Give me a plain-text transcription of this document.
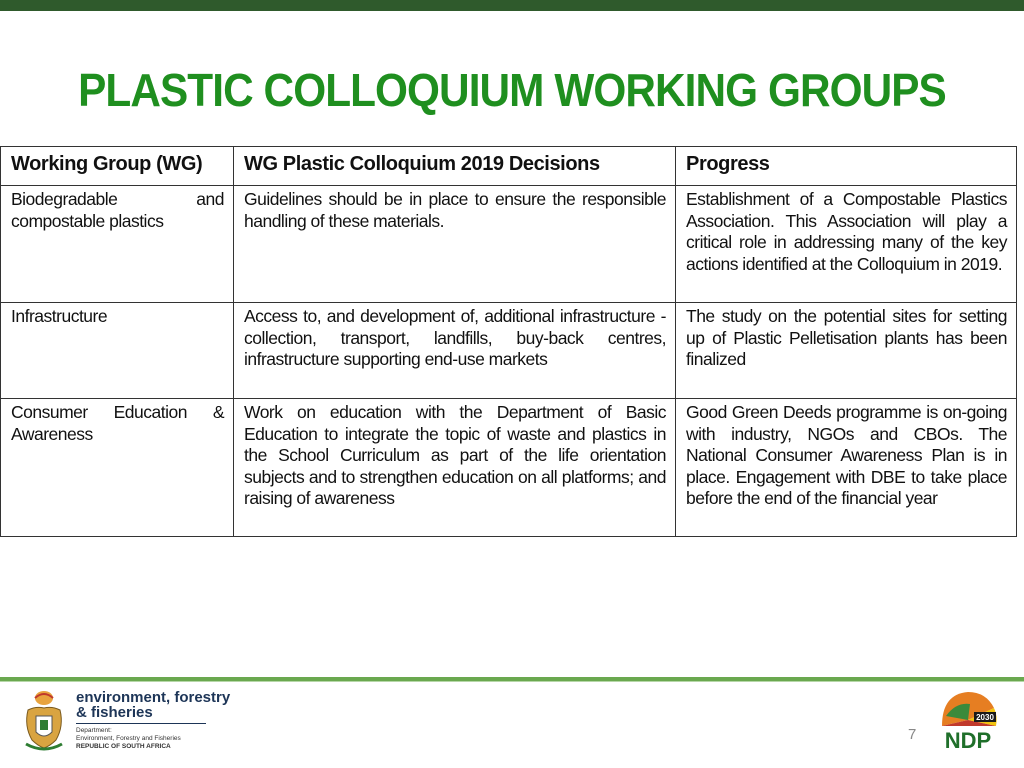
PLASTIC COLLOQUIUM WORKING GROUPS
Working Group (WG)	WG Plastic Colloquium 2019 Decisions	Progress
Biodegradable and compostable plastics	Guidelines should be in place to ensure the responsible handling of these materials.	Establishment of a Compostable Plastics Association. This Association will play a critical role in addressing many of the key actions identified at the Colloquium in 2019.
Infrastructure	Access to, and development of, additional infrastructure - collection, transport, landfills, buy-back centres, infrastructure supporting end-use markets	The study on the potential sites for setting up of Plastic Pelletisation plants has been finalized
Consumer Education & Awareness	Work on education with the Department of Basic Education to integrate the topic of waste and plastics in the School Curriculum as part of the life orientation subjects and to strengthen education on all platforms; and raising of awareness	Good Green Deeds programme is on-going with industry, NGOs and CBOs. The National Consumer Awareness Plan is in place. Engagement with DBE to take place before the end of the financial year
environment, forestry
& fisheries
Department:
Environment, Forestry and Fisheries
REPUBLIC OF SOUTH AFRICA
7
2030
NDP
